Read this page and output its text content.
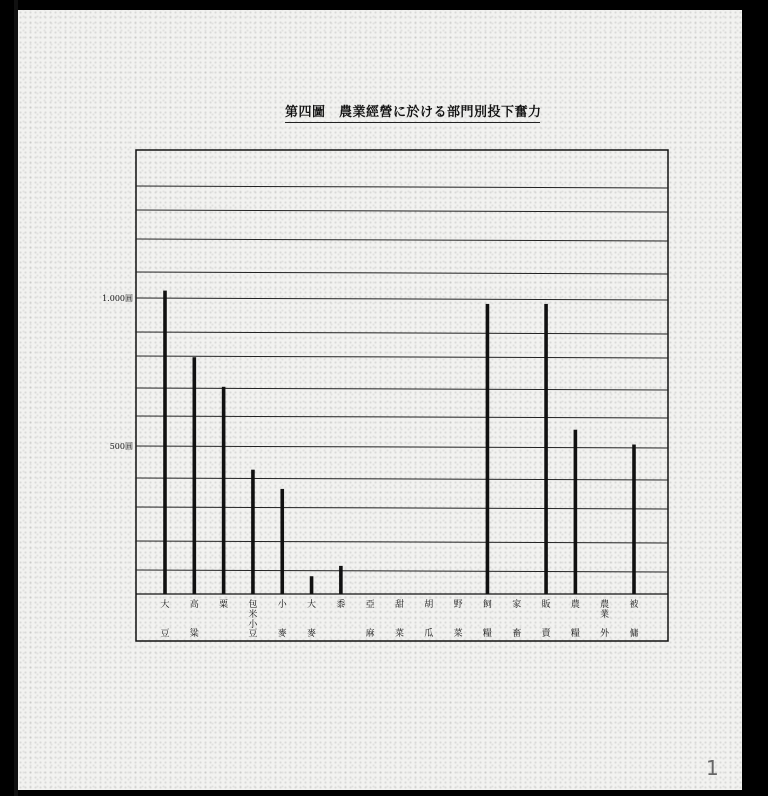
第四圖　農業經營に於ける部門別投下奮力
500圓
1.000圓
大
豆
高
粱
粟 包
米
小
豆
小
麥
大
麥
黍 亞
麻
甜
菜
胡
瓜
野
菜
飼
糧
家
畜
販
賣
農
糧
農
業
外
被
傭
1
